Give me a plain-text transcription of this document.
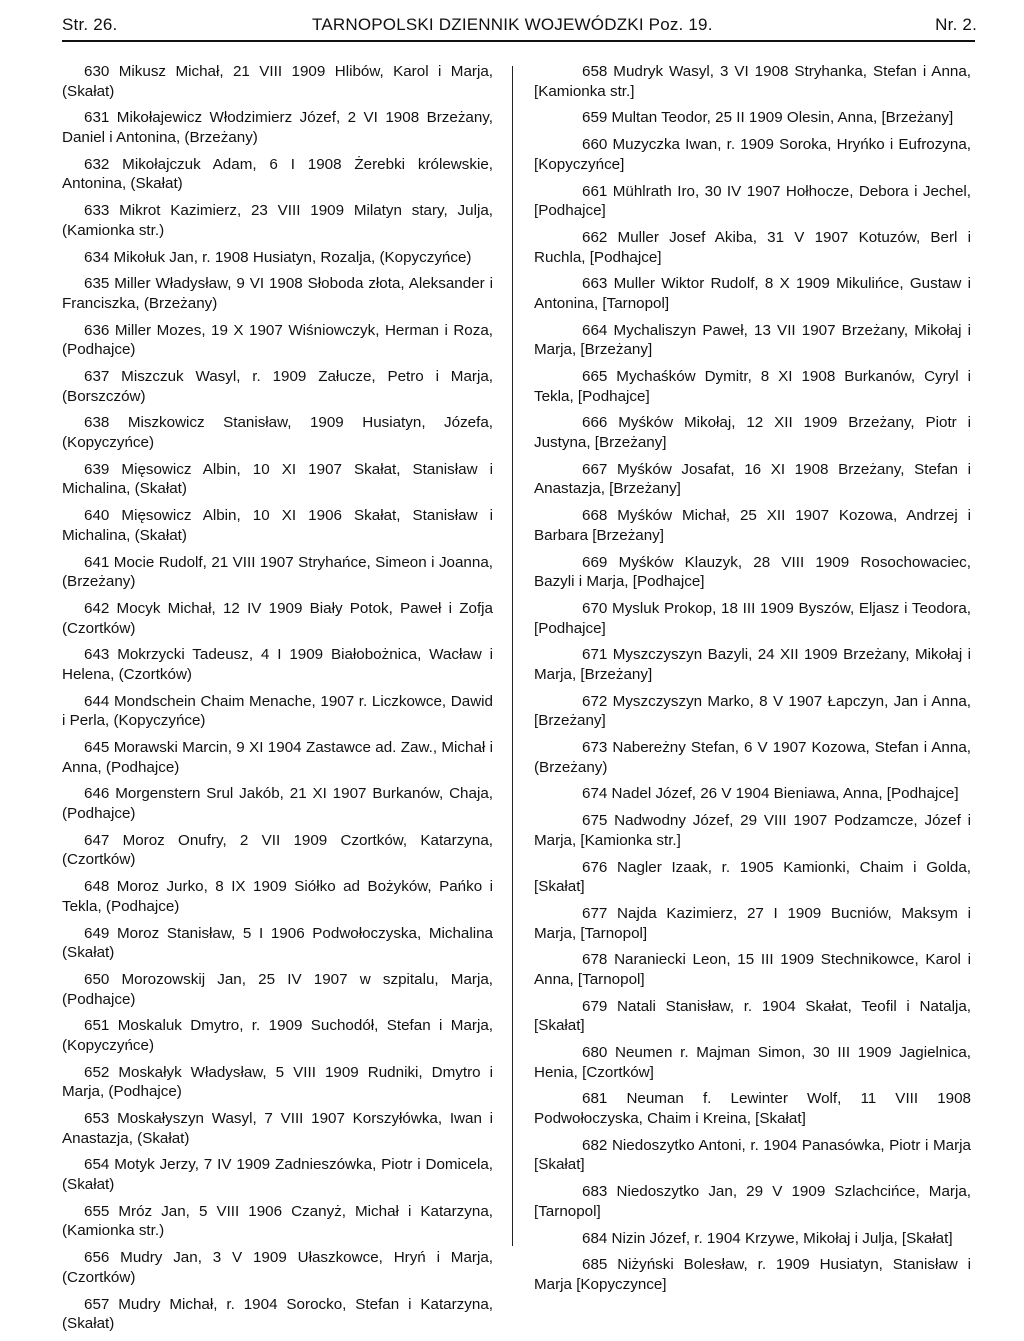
Str. 26.	TARNOPOLSKI DZIENNIK WOJEWÓDZKI Poz. 19.	Nr. 2.

630 Mikusz Michał, 21 VIII 1909 Hlibów, Karol i Marja, (Skałat)

631 Mikołajewicz Włodzimierz Józef, 2 VI 1908 Brzeżany, Daniel i Antonina, (Brzeżany)

632 Mikołajczuk Adam, 6 I 1908 Żerebki królewskie, Antonina, (Skałat)

633 Mikrot Kazimierz, 23 VIII 1909 Milatyn stary, Julja, (Kamionka str.)

634 Mikołuk Jan, r. 1908 Husiatyn, Rozalja, (Kopyczyńce)

635 Miller Władysław, 9 VI 1908 Słoboda złota, Aleksander i Franciszka, (Brzeżany)

636 Miller Mozes, 19 X 1907 Wiśniowczyk, Herman i Roza, (Podhajce)

637 Miszczuk Wasyl, r. 1909 Załucze, Petro i Marja, (Borszczów)

638 Miszkowicz Stanisław, 1909 Husiatyn, Józefa, (Kopyczyńce)

639 Mięsowicz Albin, 10 XI 1907 Skałat, Stanisław i Michalina, (Skałat)

640 Mięsowicz Albin, 10 XI 1906 Skałat, Stanisław i Michalina, (Skałat)

641 Mocie Rudolf, 21 VIII 1907 Stryhańce, Simeon i Joanna, (Brzeżany)

642 Mocyk Michał, 12 IV 1909 Biały Potok, Paweł i Zofja (Czortków)

643 Mokrzycki Tadeusz, 4 I 1909 Białobożnica, Wacław i Helena, (Czortków)

644 Mondschein Chaim Menache, 1907 r. Liczkowce, Dawid i Perla, (Kopyczyńce)

645 Morawski Marcin, 9 XI 1904 Zastawce ad. Zaw., Michał i Anna, (Podhajce)

646 Morgenstern Srul Jakób, 21 XI 1907 Burkanów, Chaja, (Podhajce)

647 Moroz Onufry, 2 VII 1909 Czortków, Katarzyna, (Czortków)

648 Moroz Jurko, 8 IX 1909 Siółko ad Bożyków, Pańko i Tekla, (Podhajce)

649 Moroz Stanisław, 5 I 1906 Podwołoczyska, Michalina (Skałat)

650 Morozowskij Jan, 25 IV 1907 w szpitalu, Marja, (Podhajce)

651 Moskaluk Dmytro, r. 1909 Suchodół, Stefan i Marja, (Kopyczyńce)

652 Moskałyk Władysław, 5 VIII 1909 Rudniki, Dmytro i Marja, (Podhajce)

653 Moskałyszyn Wasyl, 7 VIII 1907 Korszyłówka, Iwan i Anastazja, (Skałat)

654 Motyk Jerzy, 7 IV 1909 Zadnieszówka, Piotr i Domicela, (Skałat)

655 Mróz Jan, 5 VIII 1906 Czanyż, Michał i Katarzyna, (Kamionka str.)

656 Mudry Jan, 3 V 1909 Ułaszkowce, Hryń i Marja, (Czortków)

657 Mudry Michał, r. 1904 Sorocko, Stefan i Katarzyna, (Skałat)

658 Mudryk Wasyl, 3 VI 1908 Stryhanka, Stefan i Anna, [Kamionka str.]

659 Multan Teodor, 25 II 1909 Olesin, Anna, [Brzeżany]

660 Muzyczka Iwan, r. 1909 Soroka, Hryńko i Eufrozyna, [Kopyczyńce]

661 Mühlrath Iro, 30 IV 1907 Hołhocze, Debora i Jechel, [Podhajce]

662 Muller Josef Akiba, 31 V 1907 Kotuzów, Berl i Ruchla, [Podhajce]

663 Muller Wiktor Rudolf, 8 X 1909 Mikulińce, Gustaw i Antonina, [Tarnopol]

664 Mychaliszyn Paweł, 13 VII 1907 Brzeżany, Mikołaj i Marja, [Brzeżany]

665 Mychaśków Dymitr, 8 XI 1908 Burkanów, Cyryl i Tekla, [Podhajce]

666 Myśków Mikołaj, 12 XII 1909 Brzeżany, Piotr i Justyna, [Brzeżany]

667 Myśków Josafat, 16 XI 1908 Brzeżany, Stefan i Anastazja, [Brzeżany]

668 Myśków Michał, 25 XII 1907 Kozowa, Andrzej i Barbara [Brzeżany]

669 Myśków Klauzyk, 28 VIII 1909 Rosochowaciec, Bazyli i Marja, [Podhajce]

670 Mysluk Prokop, 18 III 1909 Byszów, Eljasz i Teodora, [Podhajce]

671 Myszczyszyn Bazyli, 24 XII 1909 Brzeżany, Mikołaj i Marja, [Brzeżany]

672 Myszczyszyn Marko, 8 V 1907 Łapczyn, Jan i Anna, [Brzeżany]

673 Nabereżny Stefan, 6 V 1907 Kozowa, Stefan i Anna, (Brzeżany)

674 Nadel Józef, 26 V 1904 Bieniawa, Anna, [Podhajce]

675 Nadwodny Józef, 29 VIII 1907 Podzamcze, Józef i Marja, [Kamionka str.]

676 Nagler Izaak, r. 1905 Kamionki, Chaim i Golda, [Skałat]

677 Najda Kazimierz, 27 I 1909 Bucniów, Maksym i Marja, [Tarnopol]

678 Naraniecki Leon, 15 III 1909 Stechnikowce, Karol i Anna, [Tarnopol]

679 Natali Stanisław, r. 1904 Skałat, Teofil i Natalja, [Skałat]

680 Neumen r. Majman Simon, 30 III 1909 Jagielnica, Henia, [Czortków]

681 Neuman f. Lewinter Wolf, 11 VIII 1908 Podwołoczyska, Chaim i Kreina, [Skałat]

682 Niedoszytko Antoni, r. 1904 Panasówka, Piotr i Marja [Skałat]

683 Niedoszytko Jan, 29 V 1909 Szlachcińce, Marja, [Tarnopol]

684 Nizin Józef, r. 1904 Krzywe, Mikołaj i Julja, [Skałat]

685 Niżyński Bolesław, r. 1909 Husiatyn, Stanisław i Marja [Kopyczynce]
